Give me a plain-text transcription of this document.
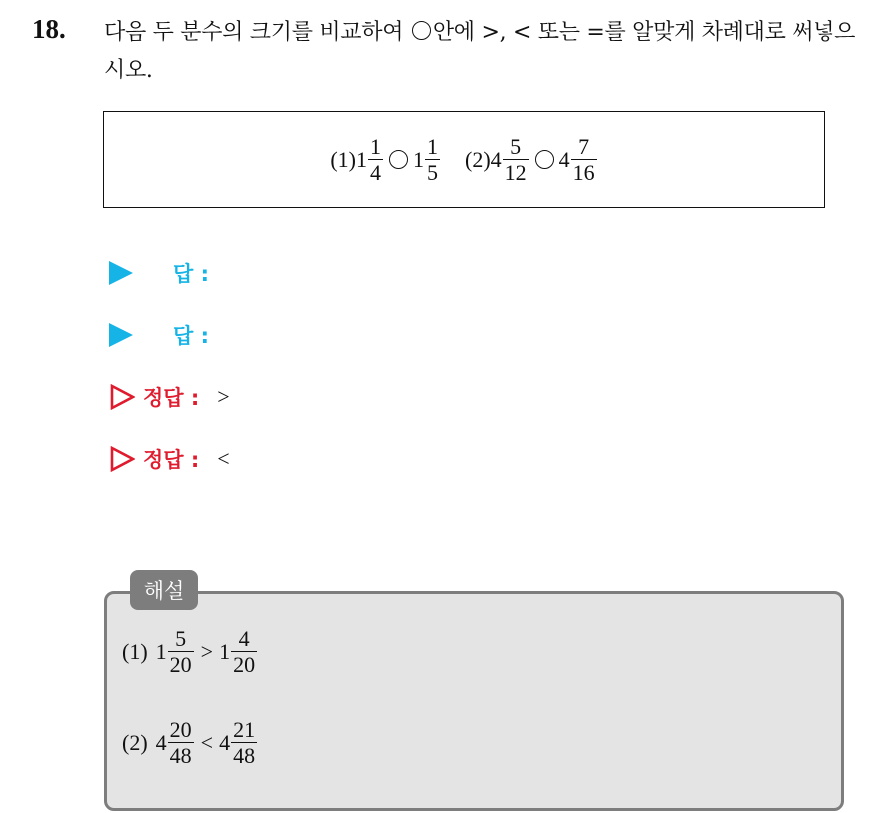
18. 다음 두 분수의 크기를 비교하여 안에 >, < 또는 =를 알맞게 차례대로 써넣으시오.
(1) $1 \frac{1}{4} 1 \frac{1}{5} (2)$ $4 \frac{5}{12} 4 \frac{7}{16}$
답 :
답 :
정답 : >
정답 : <
해설
(1) $1 \frac{5}{20} > 1 \frac{4}{20}$
(2) $4 \frac{20}{48} < 4 \frac{21}{48}$
